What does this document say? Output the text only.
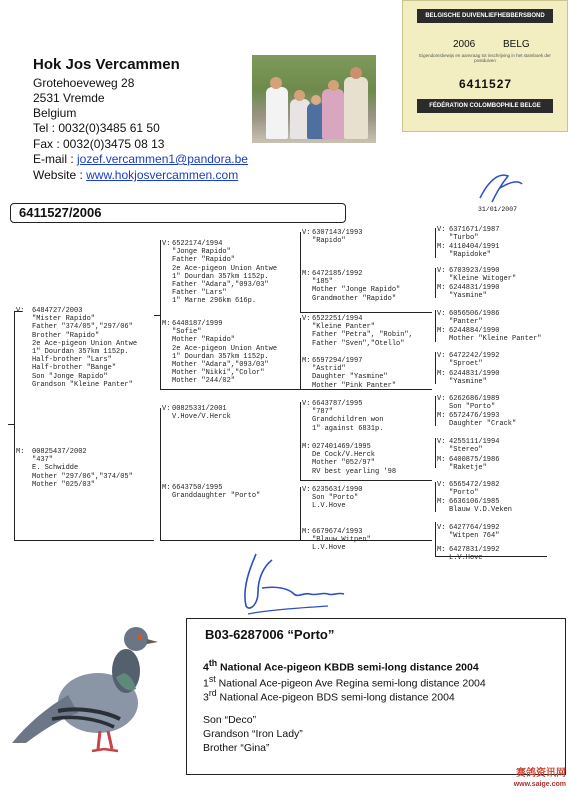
Hok Jos Vercammen
Grotehoeveweg 28
2531 Vremde
Belgium
Tel : 0032(0)3485 61 50
Fax : 0032(0)3475 08 13
E-mail : jozef.vercammen1@pandora.be
Website : www.hokjosvercammen.com
BELGISCHE DUIVENLIEFHEBBERSBOND
2006	BELG
Eigendomsbewijs en aanvraag tot inschrijving in het stamboek der postduiven
6411527
FÉDÉRATION COLOMBOPHILE BELGE
31/01/2007
6411527/2006
V: 6484727/2003
"Mister Rapido"
Father "374/05","297/06"
Brother "Rapido"
2e Ace-pigeon Union Antwe
1" Dourdan 357km 1152p.
Half-brother "Lars"
Half-brother "Bange"
Son "Jonge Rapido"
Grandson "Kleine Panter"
M: 00825437/2002
"437"
E. Schwidde
Mother "297/06","374/05"
Mother "025/03"
V: 6522174/1994
"Jonge Rapido"
Father "Rapido"
2e Ace-pigeon Union Antwe
1" Dourdan 357km 1152p.
Father "Adara","093/03"
Father "Lars"
1" Marne 296km 616p.
M: 6448187/1999
"Sofie"
Mother "Rapido"
2e Ace-pigeon Union Antwe
1" Dourdan 357km 1152p.
Mother "Adara","093/03"
Mother "Nikki","Color"
Mother "244/02"
V: 00825331/2001
V.Hove/V.Herck
M: 6643750/1995
Granddaughter "Porto"
V: 6307143/1993
"Rapido"
M: 6472185/1992
"185"
Mother "Jonge Rapido"
Grandmother "Rapido"
V: 6522251/1994
"Kleine Panter"
Father "Petra", "Robin",
Father "Sven","Otello"
M: 6597294/1997
"Astrid"
Daughter "Yasmine"
Mother "Pink Panter"
V: 6643787/1995
"787"
Grandchildren won
1" against 6831p.
M: 027401469/1995
De Cock/V.Herck
Mother "052/97"
RV best yearling '98
V: 6235631/1990
Son "Porto"
L.V.Hove
M: 6679674/1993
"Blauw Witpen"
L.V.Hove
V: 6371671/1987
"Turbo"
M: 4110404/1991
"Rapidoke"
V: 6703923/1990
"Kleine Witoger"
M: 6244831/1990
"Yasmine"
V: 6056506/1986
"Panter"
M: 6244884/1990
Mother "Kleine Panter"
V: 6472242/1992
"Sproet"
M: 6244831/1990
"Yasmine"
V: 6262686/1989
Son "Porto"
M: 6572476/1993
Daughter "Crack"
V: 4255111/1994
"Stereo"
M: 6400875/1986
"Raketje"
V: 6565472/1982
"Porto"
M: 6636106/1985
Blauw V.D.Veken
V: 6427764/1992
"Witpen 764"
M: 6427831/1992
L.V.Hove
B03-6287006 “Porto”
4th National Ace-pigeon KBDB semi-long distance 2004
1st National Ace-pigeon Ave Regina semi-long distance 2004
3rd National Ace-pigeon BDS semi-long distance 2004
Son “Deco”
Grandson “Iron Lady”
Brother “Gina”
赛鸽资讯网
www.saige.com
